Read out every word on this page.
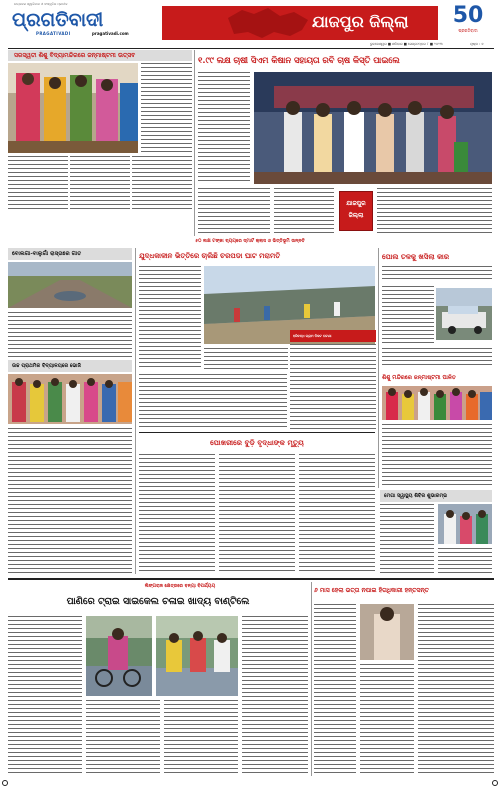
ଉତ୍କଳର ସ୍ୱାଭିମାନ ଓ ସଂସ୍କୃତିର ପ୍ରତୀକ
ପ୍ରଗତିବାଦୀ
PRAGATIVADI	pragativadi.com
ଯାଜପୁର ଜିଲ୍ଲା	50
ପ୍ରଗତିବାଦୀ
ଭୁବନେଶ୍ୱର ■ ଶନିବାର ■ ସେପ୍ଟେମ୍ବର ୮ ■ ୨୦୨୩	ପୃଷ୍ଠା : ୭
ସରସ୍ୱତୀ ଶିଶୁ ବିଦ୍ୟାମନ୍ଦିରରେ ଜନ୍ମାଷ୍ଟମୀ ଉତ୍ସବ	୧.୯୯ ଲକ୍ଷ ଚାଷୀ ସିଏମ କିଷାନ ସହାୟତା ରବି ଚାଷ କିସ୍ତି ପାଇଲେ
ଯାଜପୁର
ଜିଲ୍ଲା
୫୦ ଲକ୍ଷ ଟଙ୍କା ବ୍ୟୟରେ ସ୍ମାର୍ଟ କ୍ଲାସ ଓ ଭିତ୍ତିଭୂମି ଉନ୍ନତି
ବୋଲଗା-ବାଲୁଗାଁ ରାସ୍ତାରେ ଗାତ
ଉଚ୍ଚ ପ୍ରାଥମିକ ବିଦ୍ୟାଳୟରେ ଭୋଜି
ଯୁଦ୍ଧକାଳୀନ ଭିତ୍ତିରେ ଚାଲିଛି ଚରପଡା ଘାଟ ମରାମତି
ହରିବନ୍ଧ ଗ୍ରାମ ନିକଟ ଘଟଣା
ପୋଲ ତଳକୁ ଖସିଲା କାର
ଶିଶୁ ମନ୍ଦିରରେ ଜନ୍ମାଷ୍ଟମୀ ପାଳିତ
ପୋଖରୀରେ ବୁଡ଼ି ବୃଦ୍ଧାଙ୍କ ମୃତ୍ୟୁ
ମେଗା ସ୍ୱାସ୍ଥ୍ୟ ଶିବିର ଶୁଭାରମ୍ଭ
ଲିଙ୍ଗରାଜ କ୍ଷେତ୍ରରେ ବନ୍ୟା ବିପର୍ଯ୍ୟୟ
ପାଣିରେ ଟ୍ରାଇ ସାଇକେଲ ଚଳାଇ ଖାଦ୍ୟ ବାଣ୍ଟିଲେ
୬ ମାସ ହେଲା ଭତ୍ତା ନପାଇ ହିତାଧିକାରୀ ହନ୍ତସନ୍ତ
